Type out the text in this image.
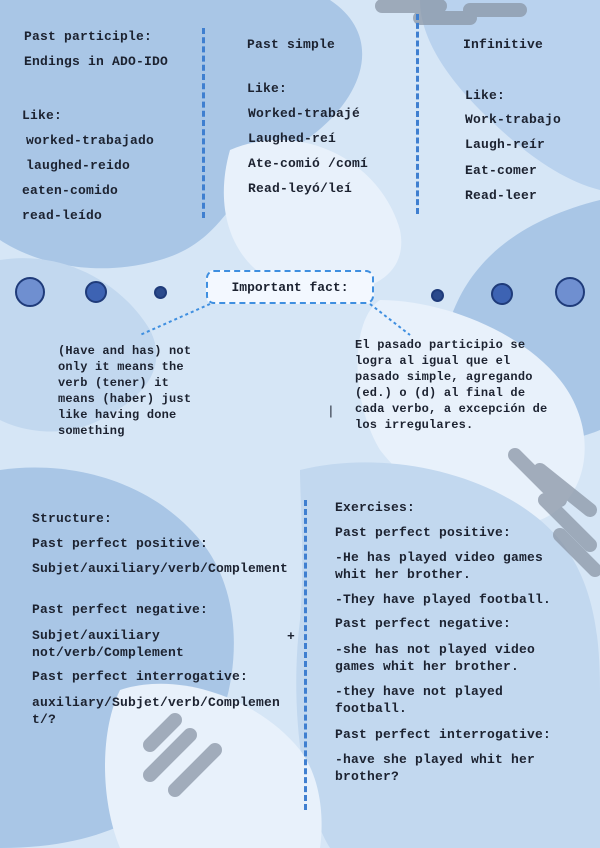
Past participle:
Endings in ADO-IDO
Like:
worked-trabajado
laughed-reido
eaten-comido
read-leído
Past simple
Like:
Worked-trabajé
Laughed-reí
Ate-comió /comí
Read-leyó/leí
Infinitive
Like:
Work-trabajo
Laugh-reír
Eat-comer
Read-leer
Important fact:
(Have and has) not only it means the verb (tener) it means (haber) just like having done something
El pasado participio se logra al igual que el pasado simple, agregando (ed.) o (d) al final de cada verbo, a excepción de los irregulares.
|
Structure:
Past perfect positive:
Subjet/auxiliary/verb/Complement
Past perfect negative:
Subjet/auxiliary not/verb/Complement
+
Past perfect interrogative:
auxiliary/Subjet/verb/Complement/?
Exercises:
Past perfect positive:
-He has played video games whit her brother.
-They have played football.
Past perfect negative:
-she has not played video games whit her brother.
-they have not played football.
Past perfect interrogative:
-have she played whit her brother?
